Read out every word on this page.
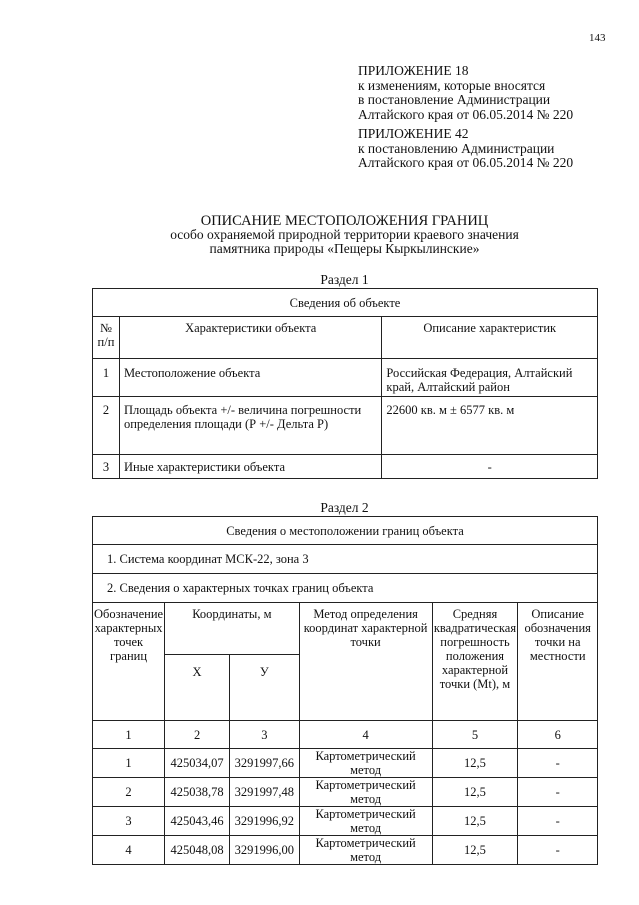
143
ПРИЛОЖЕНИЕ 18
к изменениям, которые вносятся
в постановление Администрации
Алтайского края от 06.05.2014 № 220
ПРИЛОЖЕНИЕ 42
к постановлению Администрации
Алтайского края от 06.05.2014 № 220
ОПИСАНИЕ МЕСТОПОЛОЖЕНИЯ ГРАНИЦ
особо охраняемой природной территории краевого значения
памятника природы «Пещеры Кыркылинские»
Раздел 1
Сведения об объекте		
№ п/п	Характеристики объекта	Описание характеристик
1	Местоположение объекта	Российская Федерация, Алтайский край, Алтайский район
2	Площадь объекта +/- величина погрешности определения площади (Р +/- Дельта Р)	22600 кв. м ± 6577 кв. м
3	Иные характеристики объекта	-
Раздел 2
Сведения о местоположении границ объекта					
1. Система координат МСК-22, зона 3					
2. Сведения о характерных точках границ объекта					
Обозначение характерных точек границ	Координаты, м		Метод определения координат характерной точки	Средняя квадратическая погрешность положения характерной точки (Mt), м	Описание обозначения точки на местности
	X	У			
1	2	3	4	5	6
1	425034,07	3291997,66	Картометрический метод	12,5	-
2	425038,78	3291997,48	Картометрический метод	12,5	-
3	425043,46	3291996,92	Картометрический метод	12,5	-
4	425048,08	3291996,00	Картометрический метод	12,5	-
